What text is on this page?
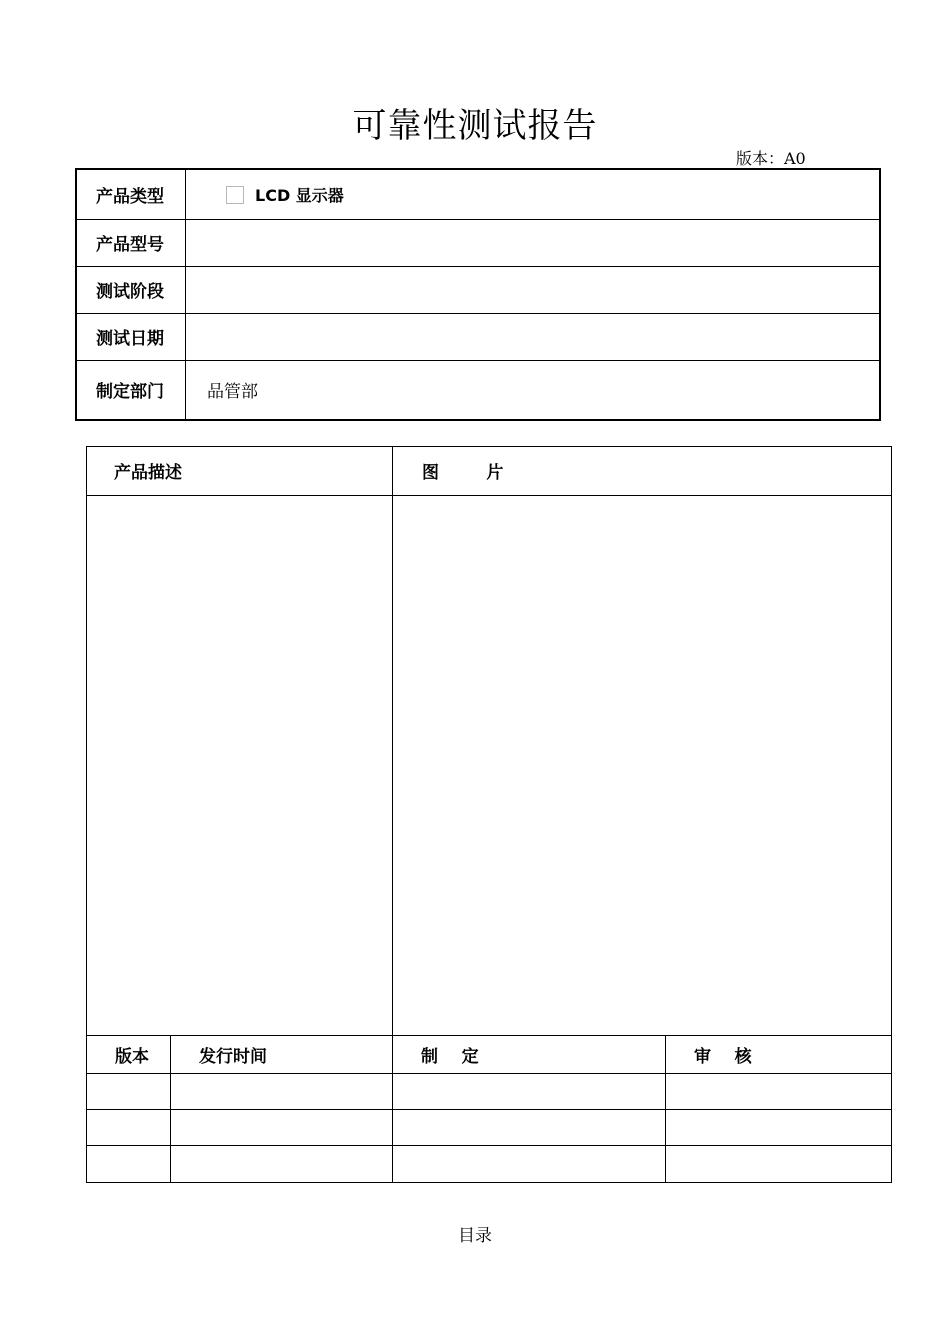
可靠性测试报告
版本：A0
产品类型	LCD 显示器
产品型号
测试阶段
测试日期
制定部门	品管部
产品描述	图        片
版本	发行时间	制    定	审    核
目录
